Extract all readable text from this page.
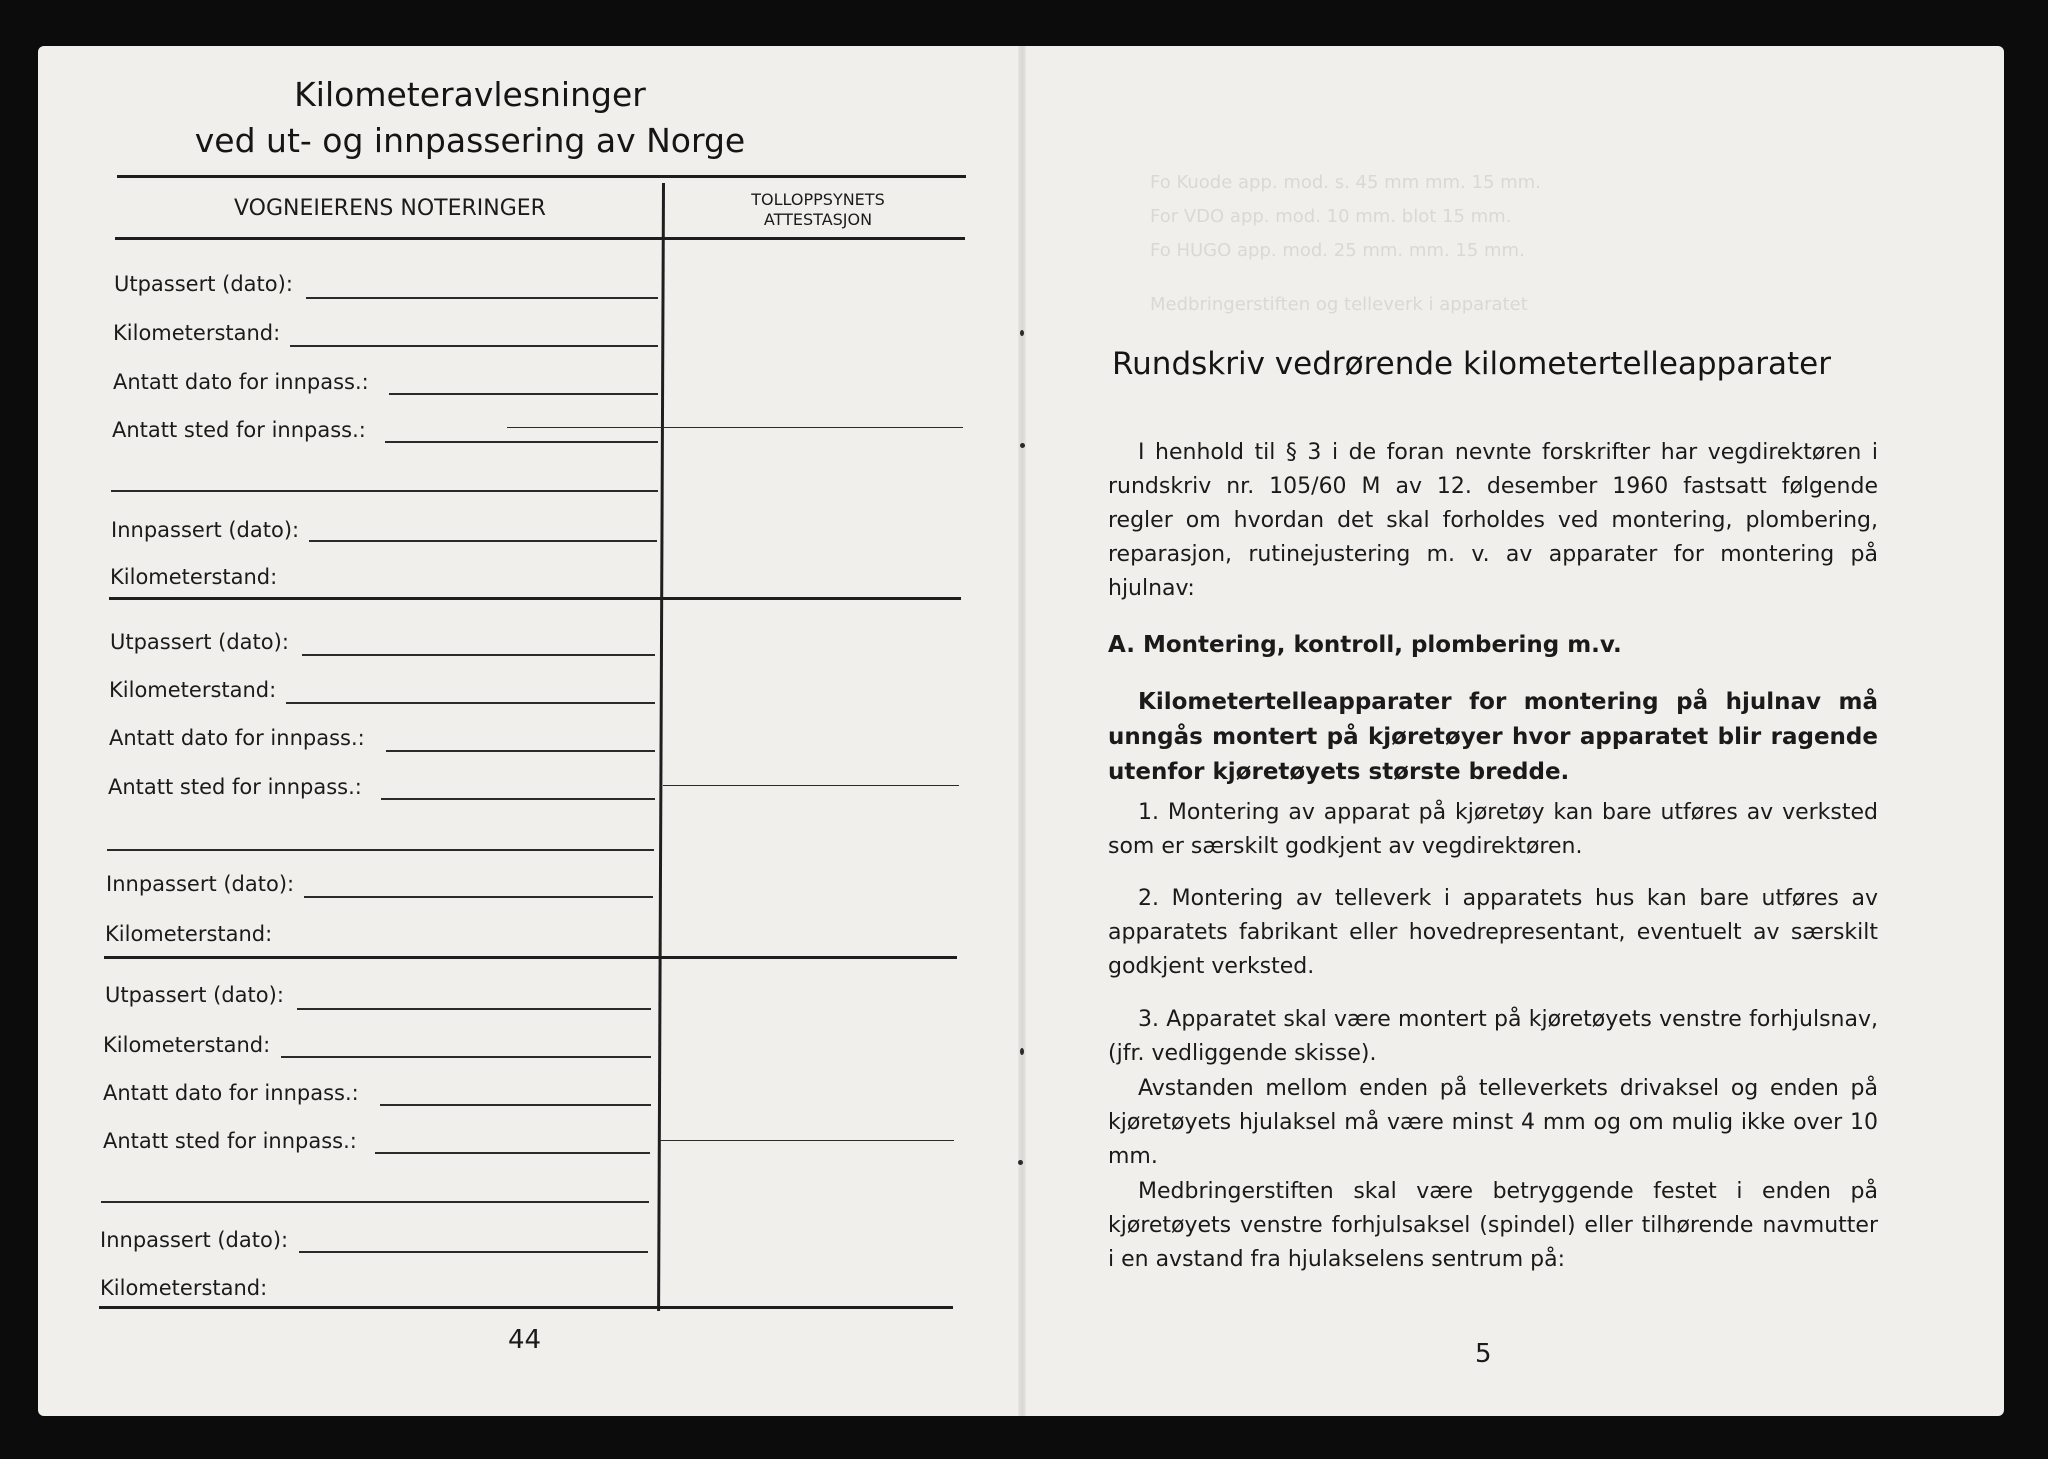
Fo Kuode app. mod. s. 45 mm mm. 15 mm.
For VDO app. mod. 10 mm. blot 15 mm.
Fo HUGO app. mod. 25 mm. mm. 15 mm.
Medbringerstiften og telleverk i apparatet
Kilometeravlesninger
ved ut- og innpassering av Norge
VOGNEIERENS NOTERINGER	TOLLOPPSYNETS
ATTESTASJON
Utpassert (dato):
Kilometerstand:
Antatt dato for innpass.:
Antatt sted for innpass.:
Innpassert (dato):
Kilometerstand:
Utpassert (dato):
Kilometerstand:
Antatt dato for innpass.:
Antatt sted for innpass.:
Innpassert (dato):
Kilometerstand:
Utpassert (dato):
Kilometerstand:
Antatt dato for innpass.:
Antatt sted for innpass.:
Innpassert (dato):
Kilometerstand:
44
Rundskriv vedrørende kilometertelleapparater
I henhold til § 3 i de foran nevnte forskrifter har vegdirektøren i rundskriv nr. 105/60 M av 12. desember 1960 fastsatt følgende regler om hvordan det skal forholdes ved montering, plombering, reparasjon, rutinejustering m. v. av apparater for montering på hjulnav:
A. Montering, kontroll, plombering m.v.
Kilometertelleapparater for montering på hjulnav må unngås montert på kjøretøyer hvor apparatet blir ragende utenfor kjøretøyets største bredde.
1. Montering av apparat på kjøretøy kan bare utføres av verksted som er særskilt godkjent av vegdirektøren.
2. Montering av telleverk i apparatets hus kan bare utføres av apparatets fabrikant eller hovedrepresentant, eventuelt av særskilt godkjent verksted.
3. Apparatet skal være montert på kjøretøyets venstre forhjulsnav, (jfr. vedliggende skisse).
Avstanden mellom enden på telleverkets drivaksel og enden på kjøretøyets hjulaksel må være minst 4 mm og om mulig ikke over 10 mm.
Medbringerstiften skal være betryggende festet i enden på kjøretøyets venstre forhjulsaksel (spindel) eller tilhørende navmutter i en avstand fra hjulakselens sentrum på:
5
